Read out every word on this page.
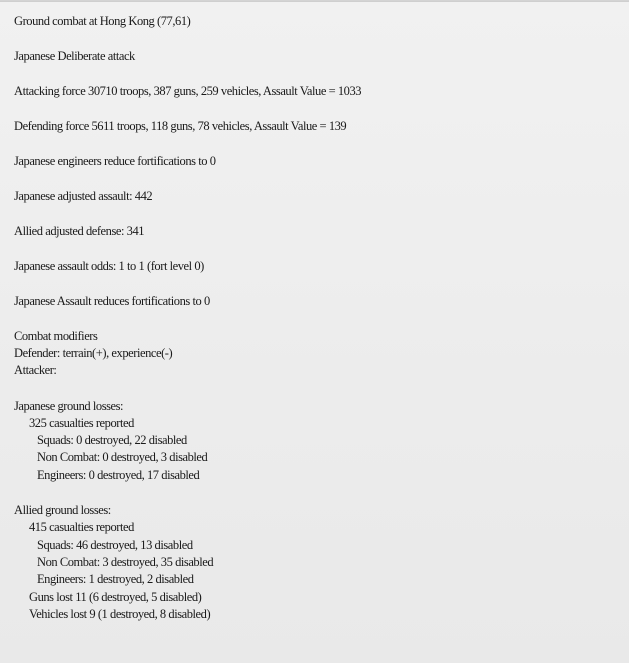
Ground combat at Hong Kong (77,61)
Japanese Deliberate attack
Attacking force 30710 troops, 387 guns, 259 vehicles, Assault Value = 1033
Defending force 5611 troops, 118 guns, 78 vehicles, Assault Value = 139
Japanese engineers reduce fortifications to 0
Japanese adjusted assault: 442
Allied adjusted defense: 341
Japanese assault odds: 1 to 1 (fort level 0)
Japanese Assault reduces fortifications to 0
Combat modifiers
Defender: terrain(+), experience(-)
Attacker:
Japanese ground losses:
325 casualties reported
Squads: 0 destroyed, 22 disabled
Non Combat: 0 destroyed, 3 disabled
Engineers: 0 destroyed, 17 disabled
Allied ground losses:
415 casualties reported
Squads: 46 destroyed, 13 disabled
Non Combat: 3 destroyed, 35 disabled
Engineers: 1 destroyed, 2 disabled
Guns lost 11 (6 destroyed, 5 disabled)
Vehicles lost 9 (1 destroyed, 8 disabled)
